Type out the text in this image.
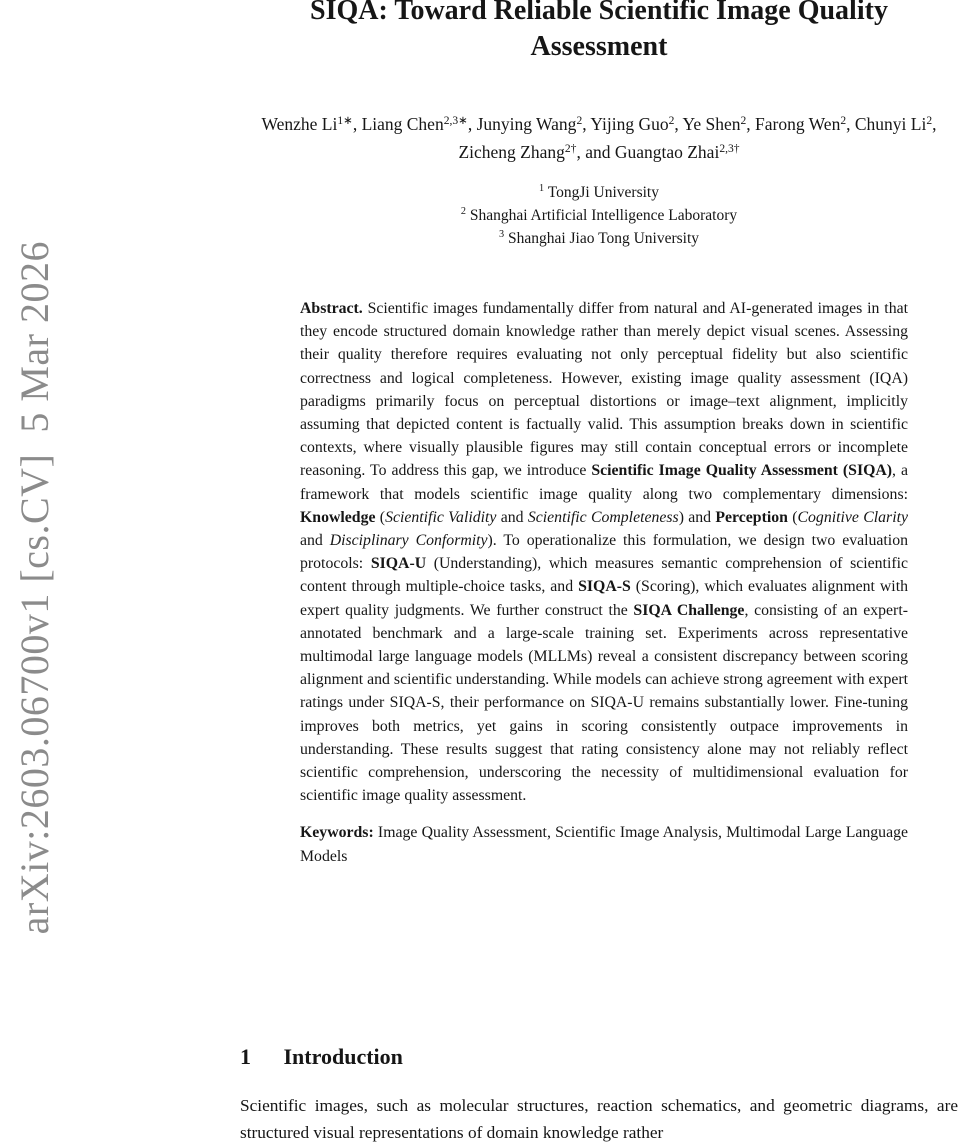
arXiv:2603.06700v1 [cs.CV]  5 Mar 2026
SIQA: Toward Reliable Scientific Image Quality Assessment
Wenzhe $Li^{1∗}$, Liang Chen$^{2,3∗}$, Junying Wang$^2$, Yijing Guo$^2$, Ye Shen$^2$, Farong Wen$^2$, Chunyi Li$^2$, Zicheng Zhang$^{2\dagger}$, and Guangtao Zhai$^{2,3\dagger}$
$^1$ TongJi University
$^2$ Shanghai Artificial Intelligence Laboratory
$^3$ Shanghai Jiao Tong University

Abstract. Scientific images fundamentally differ from natural and AI-generated images in that they encode structured domain knowledge rather than merely depict visual scenes. Assessing their quality therefore requires evaluating not only perceptual fidelity but also scientific correctness and logical completeness. However, existing image quality assessment (IQA) paradigms primarily focus on perceptual distortions or image–text alignment, implicitly assuming that depicted content is factually valid. This assumption breaks down in scientific contexts, where visually plausible figures may still contain conceptual errors or incomplete reasoning. To address this gap, we introduce Scientific Image Quality Assessment (SIQA), a framework that models scientific image quality along two complementary dimensions: Knowledge (Scientific Validity and Scientific Completeness) and Perception (Cognitive Clarity and Disciplinary Conformity). To operationalize this formulation, we design two evaluation protocols: SIQA-U (Understanding), which measures semantic comprehension of scientific content through multiple-choice tasks, and SIQA-S (Scoring), which evaluates alignment with expert quality judgments. We further construct the SIQA Challenge, consisting of an expert-annotated benchmark and a large-scale training set. Experiments across representative multimodal large language models (MLLMs) reveal a consistent discrepancy between scoring alignment and scientific understanding. While models can achieve strong agreement with expert ratings under SIQA-S, their performance on SIQA-U remains substantially lower. Fine-tuning improves both metrics, yet gains in scoring consistently outpace improvements in understanding. These results suggest that rating consistency alone may not reliably reflect scientific comprehension, underscoring the necessity of multidimensional evaluation for scientific image quality assessment.

Keywords: Image Quality Assessment, Scientific Image Analysis, Multimodal Large Language Models

1 Introduction

Scientific images, such as molecular structures, reaction schematics, and geometric diagrams, are structured visual representations of domain knowledge rather
